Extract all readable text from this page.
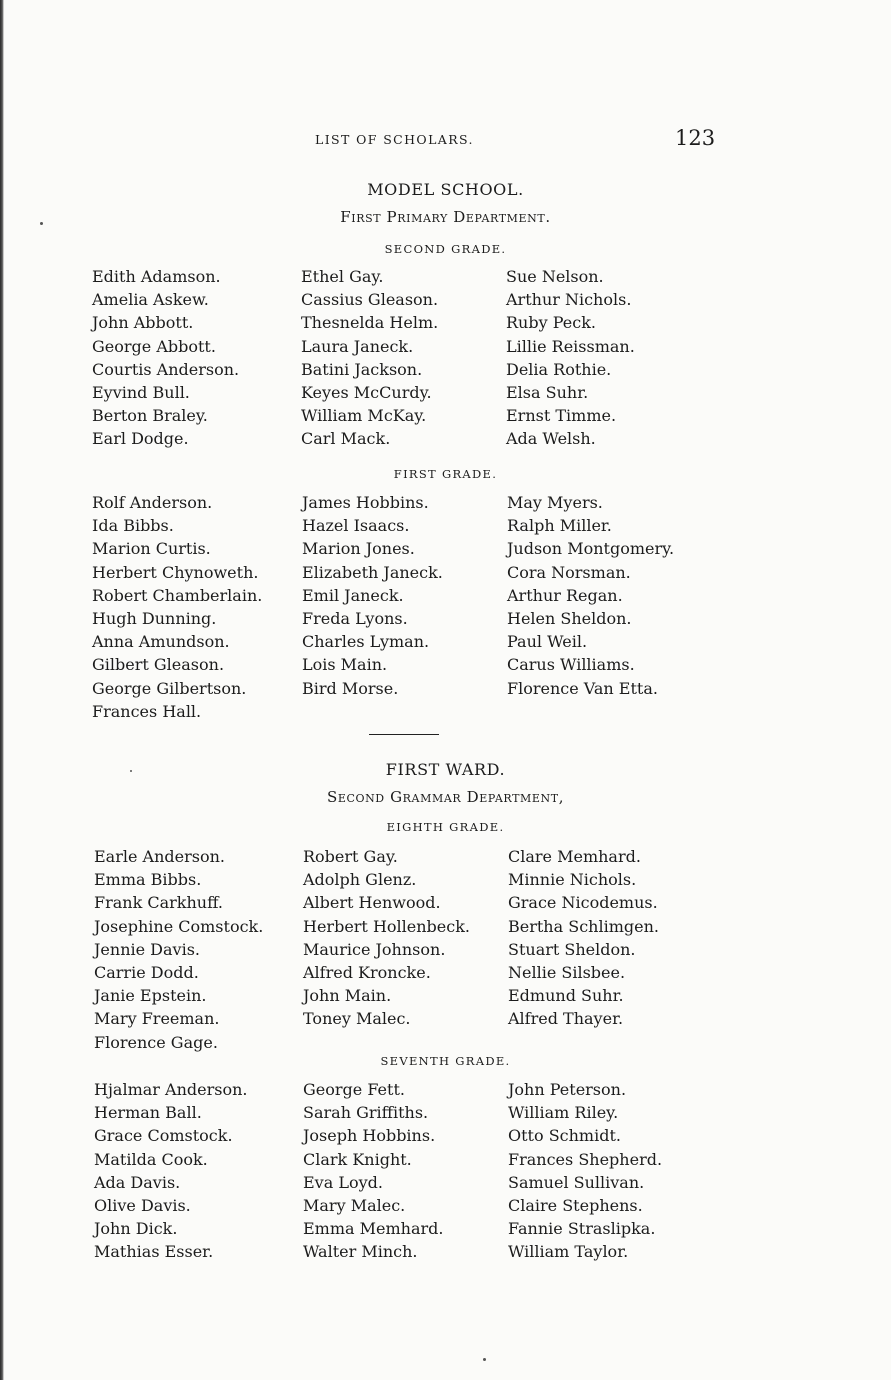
LIST OF SCHOLARS.	123
MODEL SCHOOL.
First Primary Department.
SECOND GRADE.
Edith Adamson.
Amelia Askew.
John Abbott.
George Abbott.
Courtis Anderson.
Eyvind Bull.
Berton Braley.
Earl Dodge.
Ethel Gay.
Cassius Gleason.
Thesnelda Helm.
Laura Janeck.
Batini Jackson.
Keyes McCurdy.
William McKay.
Carl Mack.
Sue Nelson.
Arthur Nichols.
Ruby Peck.
Lillie Reissman.
Delia Rothie.
Elsa Suhr.
Ernst Timme.
Ada Welsh.
FIRST GRADE.
Rolf Anderson.
Ida Bibbs.
Marion Curtis.
Herbert Chynoweth.
Robert Chamberlain.
Hugh Dunning.
Anna Amundson.
Gilbert Gleason.
George Gilbertson.
Frances Hall.
James Hobbins.
Hazel Isaacs.
Marion Jones.
Elizabeth Janeck.
Emil Janeck.
Freda Lyons.
Charles Lyman.
Lois Main.
Bird Morse.
May Myers.
Ralph Miller.
Judson Montgomery.
Cora Norsman.
Arthur Regan.
Helen Sheldon.
Paul Weil.
Carus Williams.
Florence Van Etta.
FIRST WARD.
Second Grammar Department,
EIGHTH GRADE.
Earle Anderson.
Emma Bibbs.
Frank Carkhuff.
Josephine Comstock.
Jennie Davis.
Carrie Dodd.
Janie Epstein.
Mary Freeman.
Florence Gage.
Robert Gay.
Adolph Glenz.
Albert Henwood.
Herbert Hollenbeck.
Maurice Johnson.
Alfred Kroncke.
John Main.
Toney Malec.
Clare Memhard.
Minnie Nichols.
Grace Nicodemus.
Bertha Schlimgen.
Stuart Sheldon.
Nellie Silsbee.
Edmund Suhr.
Alfred Thayer.
SEVENTH GRADE.
Hjalmar Anderson.
Herman Ball.
Grace Comstock.
Matilda Cook.
Ada Davis.
Olive Davis.
John Dick.
Mathias Esser.
George Fett.
Sarah Griffiths.
Joseph Hobbins.
Clark Knight.
Eva Loyd.
Mary Malec.
Emma Memhard.
Walter Minch.
John Peterson.
William Riley.
Otto Schmidt.
Frances Shepherd.
Samuel Sullivan.
Claire Stephens.
Fannie Straslipka.
William Taylor.
